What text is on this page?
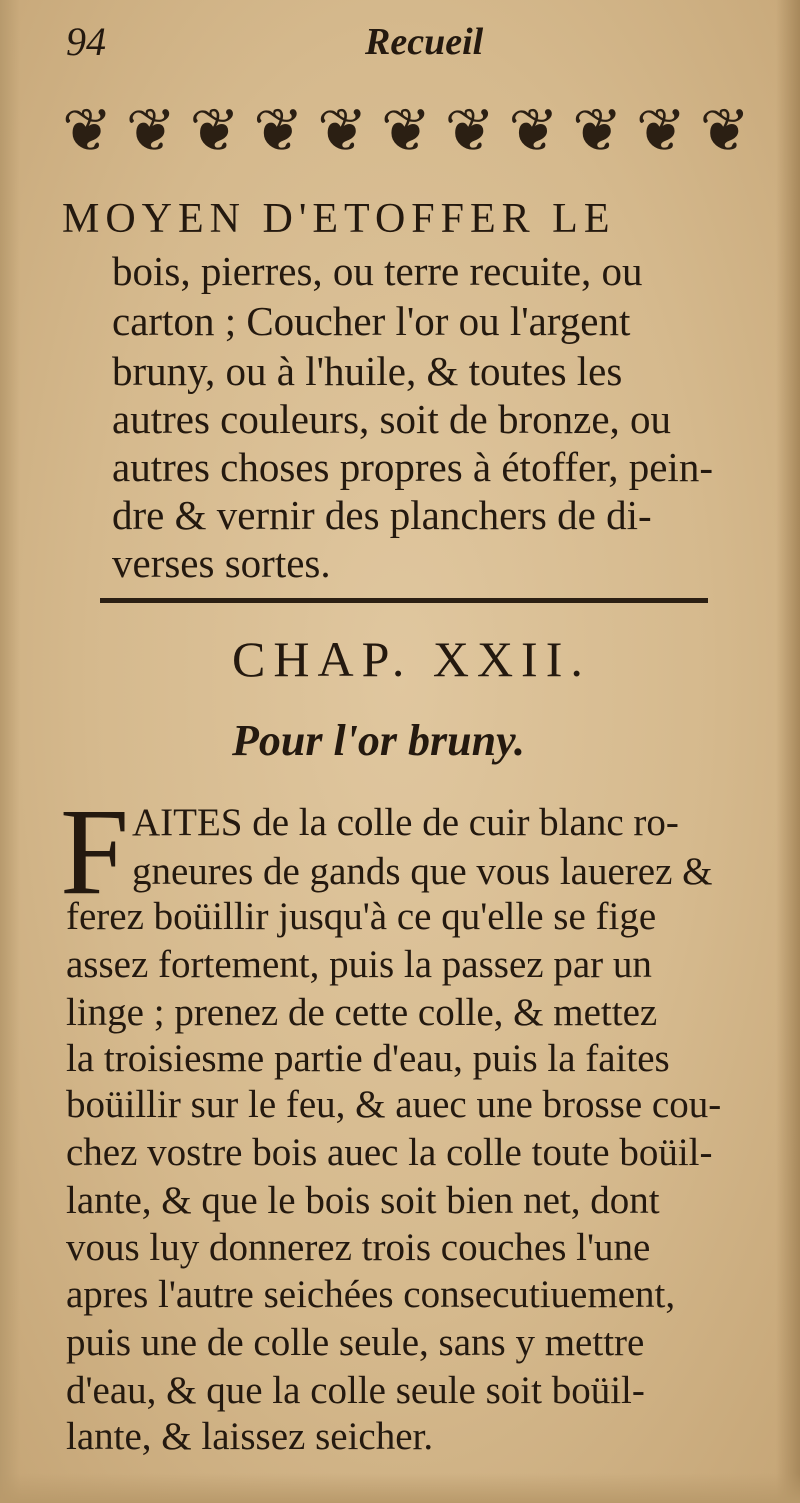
94	Recueil
❦ ❦ ❦ ❦ ❦ ❦ ❦ ❦ ❦ ❦ ❦
MOYEN D'ETOFFER LE
bois, pierres, ou terre recuite, ou
carton ; Coucher l'or ou l'argent
bruny, ou à l'huile, & toutes les
autres couleurs, soit de bronze, ou
autres choses propres à étoffer, pein-
dre & vernir des planchers de di-
verses sortes.
CHAP. XXII.
Pour l'or bruny.
F AITES de la colle de cuir blanc ro-
gneures de gands que vous lauerez &
ferez boüillir jusqu'à ce qu'elle se fige
assez fortement, puis la passez par un
linge ; prenez de cette colle, & mettez
la troisiesme partie d'eau, puis la faites
boüillir sur le feu, & auec une brosse cou-
chez vostre bois auec la colle toute boüil-
lante, & que le bois soit bien net, dont
vous luy donnerez trois couches l'une
apres l'autre seichées consecutiuement,
puis une de colle seule, sans y mettre
d'eau, & que la colle seule soit boüil-
lante, & laissez seicher.
